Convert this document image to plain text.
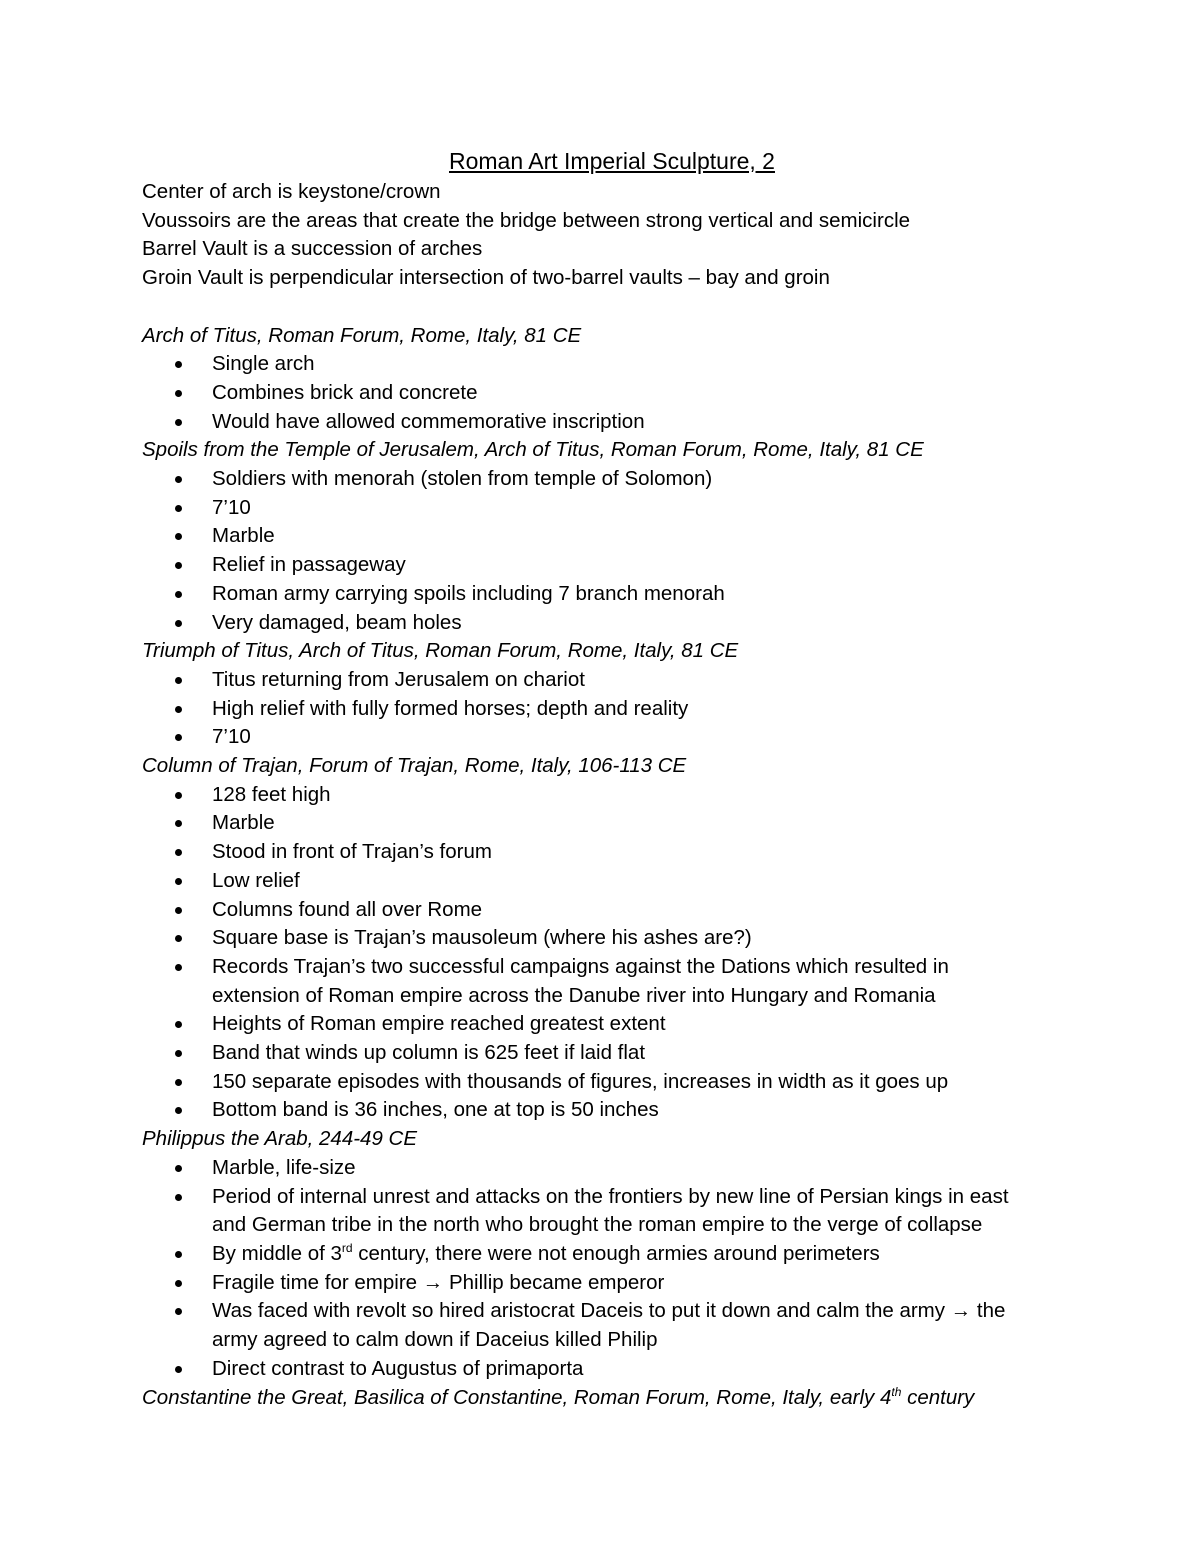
Roman Art Imperial Sculpture, 2
Center of arch is keystone/crown
Voussoirs are the areas that create the bridge between strong vertical and semicircle
Barrel Vault is a succession of arches
Groin Vault is perpendicular intersection of two-barrel vaults – bay and groin
Arch of Titus, Roman Forum, Rome, Italy, 81 CE
Single arch
Combines brick and concrete
Would have allowed commemorative inscription
Spoils from the Temple of Jerusalem, Arch of Titus, Roman Forum, Rome, Italy, 81 CE
Soldiers with menorah (stolen from temple of Solomon)
7’10
Marble
Relief in passageway
Roman army carrying spoils including 7 branch menorah
Very damaged, beam holes
Triumph of Titus, Arch of Titus, Roman Forum, Rome, Italy, 81 CE
Titus returning from Jerusalem on chariot
High relief with fully formed horses; depth and reality
7’10
Column of Trajan, Forum of Trajan, Rome, Italy, 106-113 CE
128 feet high
Marble
Stood in front of Trajan’s forum
Low relief
Columns found all over Rome
Square base is Trajan’s mausoleum (where his ashes are?)
Records Trajan’s two successful campaigns against the Dations which resulted in extension of Roman empire across the Danube river into Hungary and Romania
Heights of Roman empire reached greatest extent
Band that winds up column is 625 feet if laid flat
150 separate episodes with thousands of figures, increases in width as it goes up
Bottom band is 36 inches, one at top is 50 inches
Philippus the Arab, 244-49 CE
Marble, life-size
Period of internal unrest and attacks on the frontiers by new line of Persian kings in east
and German tribe in the north who brought the roman empire to the verge of collapse
By middle of 3rd century, there were not enough armies around perimeters
Fragile time for empire → Phillip became emperor
Was faced with revolt so hired aristocrat Daceis to put it down and calm the army → the
army agreed to calm down if Daceius killed Philip
Direct contrast to Augustus of primaporta
Constantine the Great, Basilica of Constantine, Roman Forum, Rome, Italy, early 4th century
